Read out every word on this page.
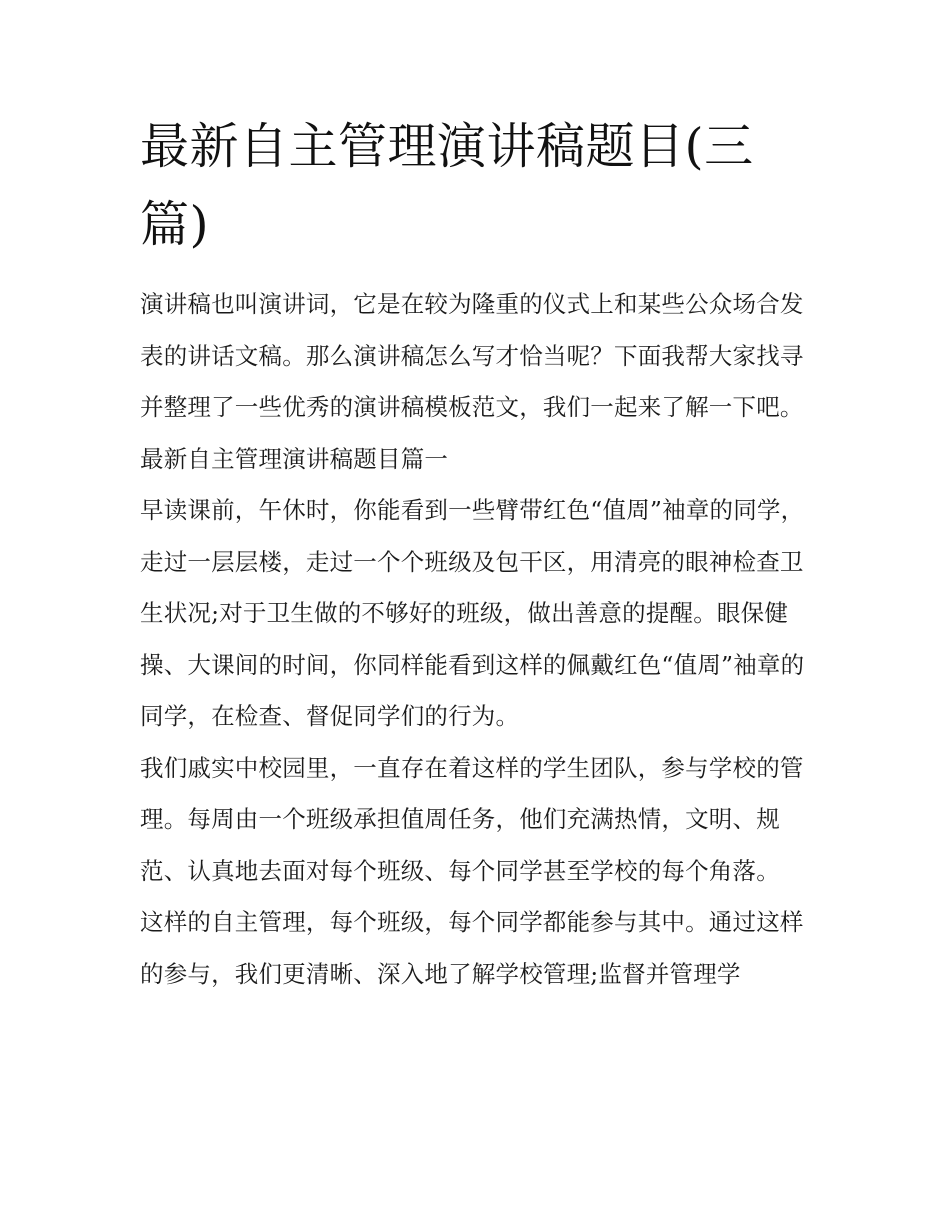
最新自主管理演讲稿题目(三篇)

演讲稿也叫演讲词，它是在较为隆重的仪式上和某些公众场合发表的讲话文稿。那么演讲稿怎么写才恰当呢？下面我帮大家找寻并整理了一些优秀的演讲稿模板范文，我们一起来了解一下吧。

最新自主管理演讲稿题目篇一

早读课前，午休时，你能看到一些臂带红色“值周”袖章的同学，走过一层层楼，走过一个个班级及包干区，用清亮的眼神检查卫生状况;对于卫生做的不够好的班级，做出善意的提醒。眼保健操、大课间的时间，你同样能看到这样的佩戴红色“值周”袖章的同学，在检查、督促同学们的行为。

我们戚实中校园里，一直存在着这样的学生团队，参与学校的管理。每周由一个班级承担值周任务，他们充满热情，文明、规范、认真地去面对每个班级、每个同学甚至学校的每个角落。

这样的自主管理，每个班级，每个同学都能参与其中。通过这样的参与，我们更清晰、深入地了解学校管理;监督并管理学
